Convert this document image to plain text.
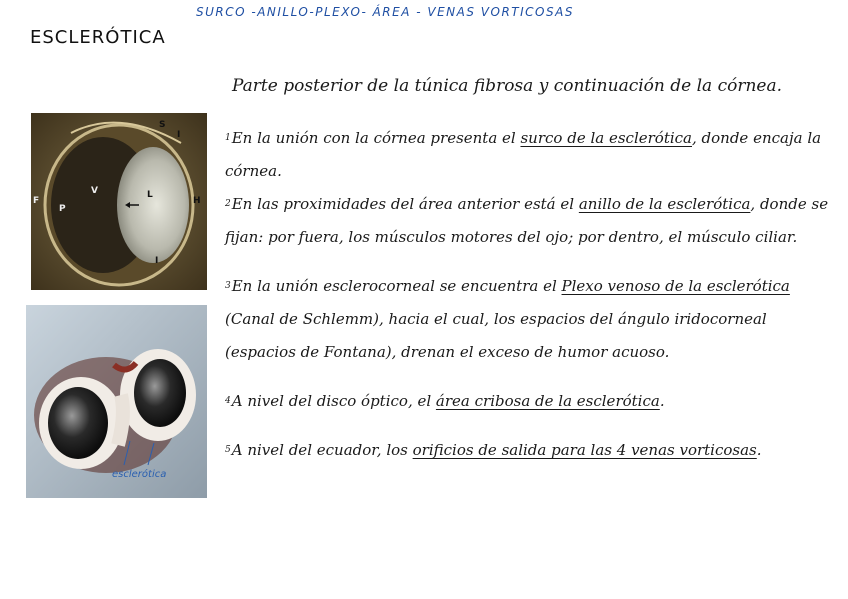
SURCO -ANILLO-PLEXO- ÁREA - VENAS VORTICOSAS
ESCLERÓTICA
Parte posterior de la túnica fibrosa y continuación de la córnea.
$^1$En la unión con la córnea presenta el surco de la esclerótica, donde encaja la córnea.
$^2$En las proximidades del área anterior está el anillo de la esclerótica, donde se fijan: por fuera, los músculos motores del ojo; por dentro, el músculo ciliar.
$^3$En la unión esclerocorneal se encuentra el Plexo venoso de la esclerótica (Canal de Schlemm), hacia el cual, los espacios del ángulo iridocorneal (espacios de Fontana), drenan el exceso de humor acuoso.
$^4$A nivel del disco óptico, el área cribosa de la esclerótica.
$^5$A nivel del ecuador, los orificios de salida para las 4 venas vorticosas.
S
I
F
P
V	L
H
I
esclerótica
